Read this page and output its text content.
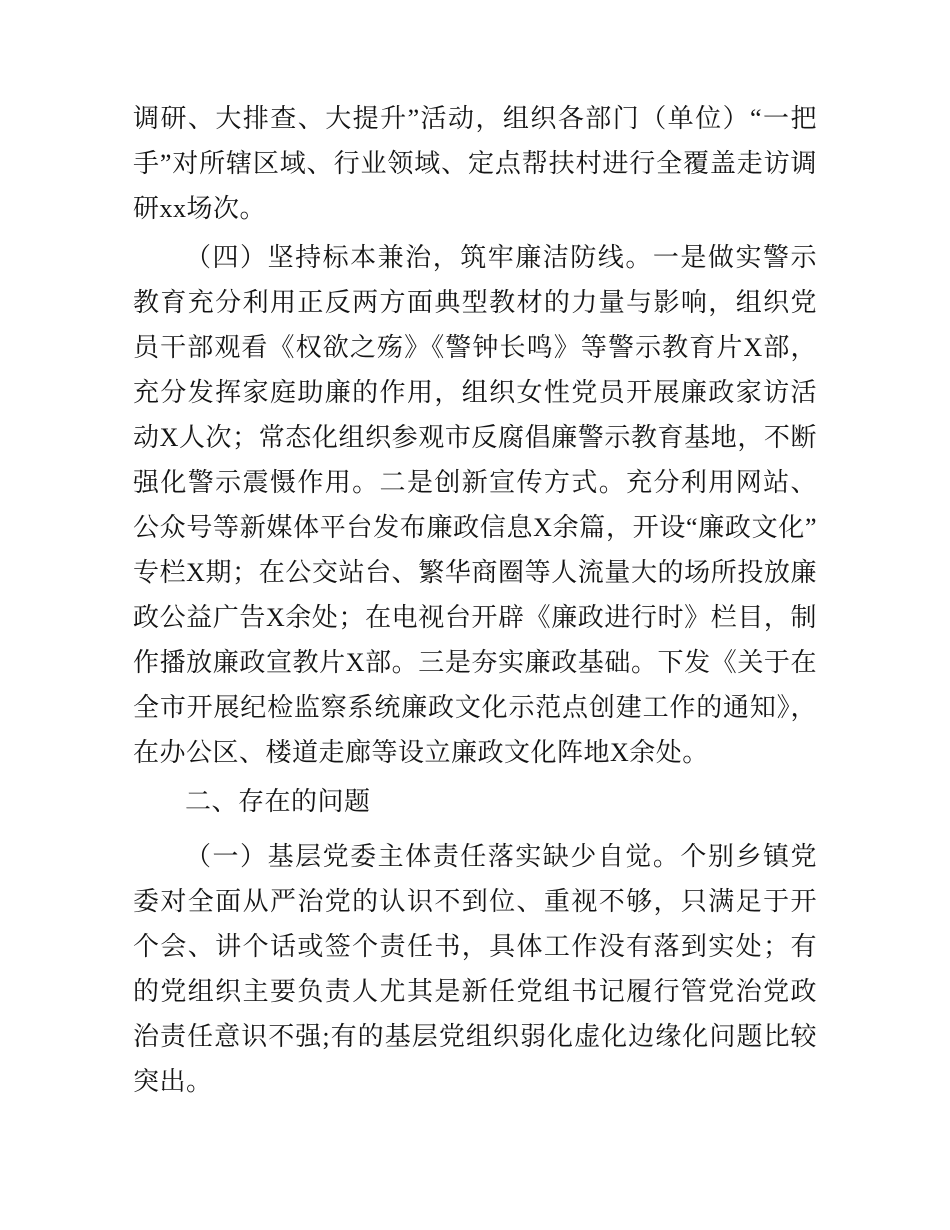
调研、大排查、大提升”活动，组织各部门（单位）“一把手”对所辖区域、行业领域、定点帮扶村进行全覆盖走访调研xx场次。

（四）坚持标本兼治，筑牢廉洁防线。一是做实警示教育充分利用正反两方面典型教材的力量与影响，组织党员干部观看《权欲之殇》《警钟长鸣》等警示教育片X部，充分发挥家庭助廉的作用，组织女性党员开展廉政家访活动X人次；常态化组织参观市反腐倡廉警示教育基地，不断强化警示震慑作用。二是创新宣传方式。充分利用网站、公众号等新媒体平台发布廉政信息X余篇，开设“廉政文化”专栏X期；在公交站台、繁华商圈等人流量大的场所投放廉政公益广告X余处；在电视台开辟《廉政进行时》栏目，制作播放廉政宣教片X部。三是夯实廉政基础。下发《关于在全市开展纪检监察系统廉政文化示范点创建工作的通知》，在办公区、楼道走廊等设立廉政文化阵地X余处。

二、存在的问题

（一）基层党委主体责任落实缺少自觉。个别乡镇党委对全面从严治党的认识不到位、重视不够，只满足于开个会、讲个话或签个责任书，具体工作没有落到实处；有的党组织主要负责人尤其是新任党组书记履行管党治党政治责任意识不强;有的基层党组织弱化虚化边缘化问题比较突出。
